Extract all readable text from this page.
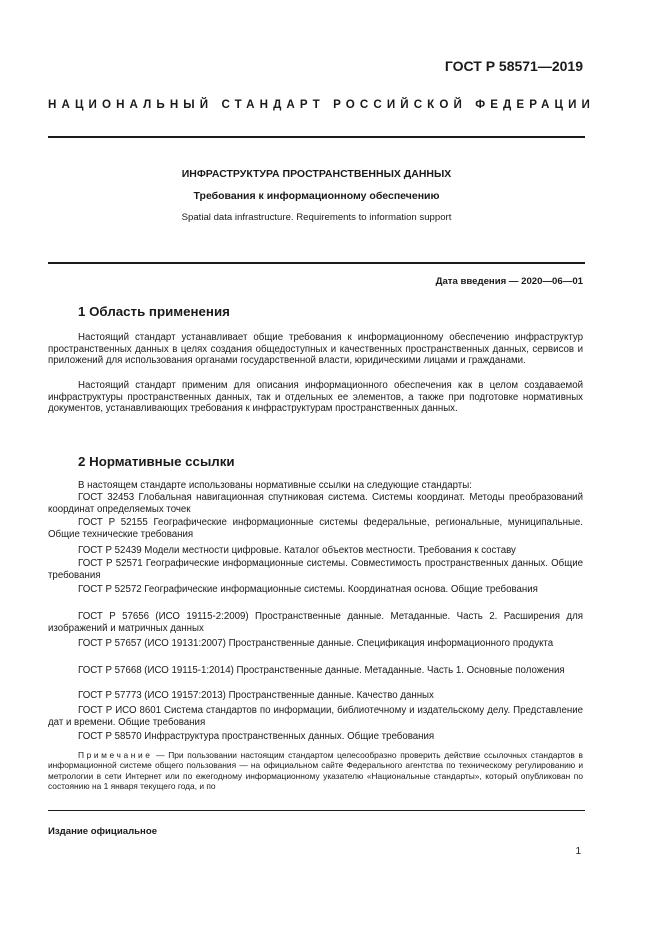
ГОСТ Р 58571—2019
НАЦИОНАЛЬНЫЙ СТАНДАРТ РОССИЙСКОЙ ФЕДЕРАЦИИ
ИНФРАСТРУКТУРА ПРОСТРАНСТВЕННЫХ ДАННЫХ
Требования к информационному обеспечению
Spatial data infrastructure. Requirements to information support
Дата введения — 2020—06—01
1 Область применения
Настоящий стандарт устанавливает общие требования к информационному обеспечению инфраструктур пространственных данных в целях создания общедоступных и качественных пространственных данных, сервисов и приложений для использования органами государственной власти, юридическими лицами и гражданами.
Настоящий стандарт применим для описания информационного обеспечения как в целом создаваемой инфраструктуры пространственных данных, так и отдельных ее элементов, а также при подготовке нормативных документов, устанавливающих требования к инфраструктурам пространственных данных.
2 Нормативные ссылки
В настоящем стандарте использованы нормативные ссылки на следующие стандарты:
ГОСТ 32453 Глобальная навигационная спутниковая система. Системы координат. Методы преобразований координат определяемых точек
ГОСТ Р 52155 Географические информационные системы федеральные, региональные, муниципальные. Общие технические требования
ГОСТ Р 52439 Модели местности цифровые. Каталог объектов местности. Требования к составу
ГОСТ Р 52571 Географические информационные системы. Совместимость пространственных данных. Общие требования
ГОСТ Р 52572 Географические информационные системы. Координатная основа. Общие требования
ГОСТ Р 57656 (ИСО 19115-2:2009) Пространственные данные. Метаданные. Часть 2. Расширения для изображений и матричных данных
ГОСТ Р 57657 (ИСО 19131:2007) Пространственные данные. Спецификация информационного продукта
ГОСТ Р 57668 (ИСО 19115-1:2014) Пространственные данные. Метаданные. Часть 1. Основные положения
ГОСТ Р 57773 (ИСО 19157:2013) Пространственные данные. Качество данных
ГОСТ Р ИСО 8601 Система стандартов по информации, библиотечному и издательскому делу. Представление дат и времени. Общие требования
ГОСТ Р 58570 Инфраструктура пространственных данных. Общие требования
Примечание — При пользовании настоящим стандартом целесообразно проверить действие ссылочных стандартов в информационной системе общего пользования — на официальном сайте Федерального агентства по техническому регулированию и метрологии в сети Интернет или по ежегодному информационному указателю «Национальные стандарты», который опубликован по состоянию на 1 января текущего года, и по
Издание официальное
1
